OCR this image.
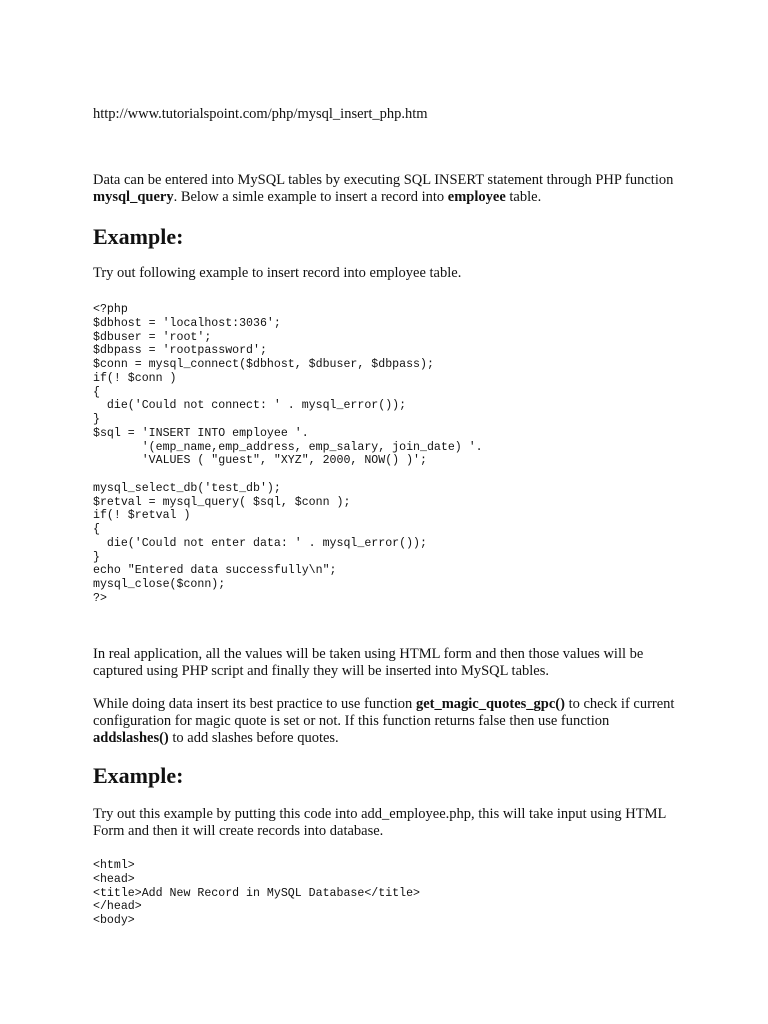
http://www.tutorialspoint.com/php/mysql_insert_php.htm

Data can be entered into MySQL tables by executing SQL INSERT statement through PHP function mysql_query. Below a simle example to insert a record into employee table.

Example:

Try out following example to insert record into employee table.

<?php
$dbhost = 'localhost:3036';
$dbuser = 'root';
$dbpass = 'rootpassword';
$conn = mysql_connect($dbhost, $dbuser, $dbpass);
if(! $conn )
{
die('Could not connect: ' . mysql_error());
}
$sql = 'INSERT INTO employee '.
'(emp_name,emp_address, emp_salary, join_date) '.
'VALUES ( "guest", "XYZ", 2000, NOW() )';

mysql_select_db('test_db');
$retval = mysql_query( $sql, $conn );
if(! $retval )
{
die('Could not enter data: ' . mysql_error());
}
echo "Entered data successfully\n";
mysql_close($conn);
?>

In real application, all the values will be taken using HTML form and then those values will be captured using PHP script and finally they will be inserted into MySQL tables.

While doing data insert its best practice to use function get_magic_quotes_gpc() to check if current configuration for magic quote is set or not. If this function returns false then use function addslashes() to add slashes before quotes.

Example:

Try out this example by putting this code into add_employee.php, this will take input using HTML Form and then it will create records into database.

<html>
<head>
<title>Add New Record in MySQL Database</title>
</head>
<body>
